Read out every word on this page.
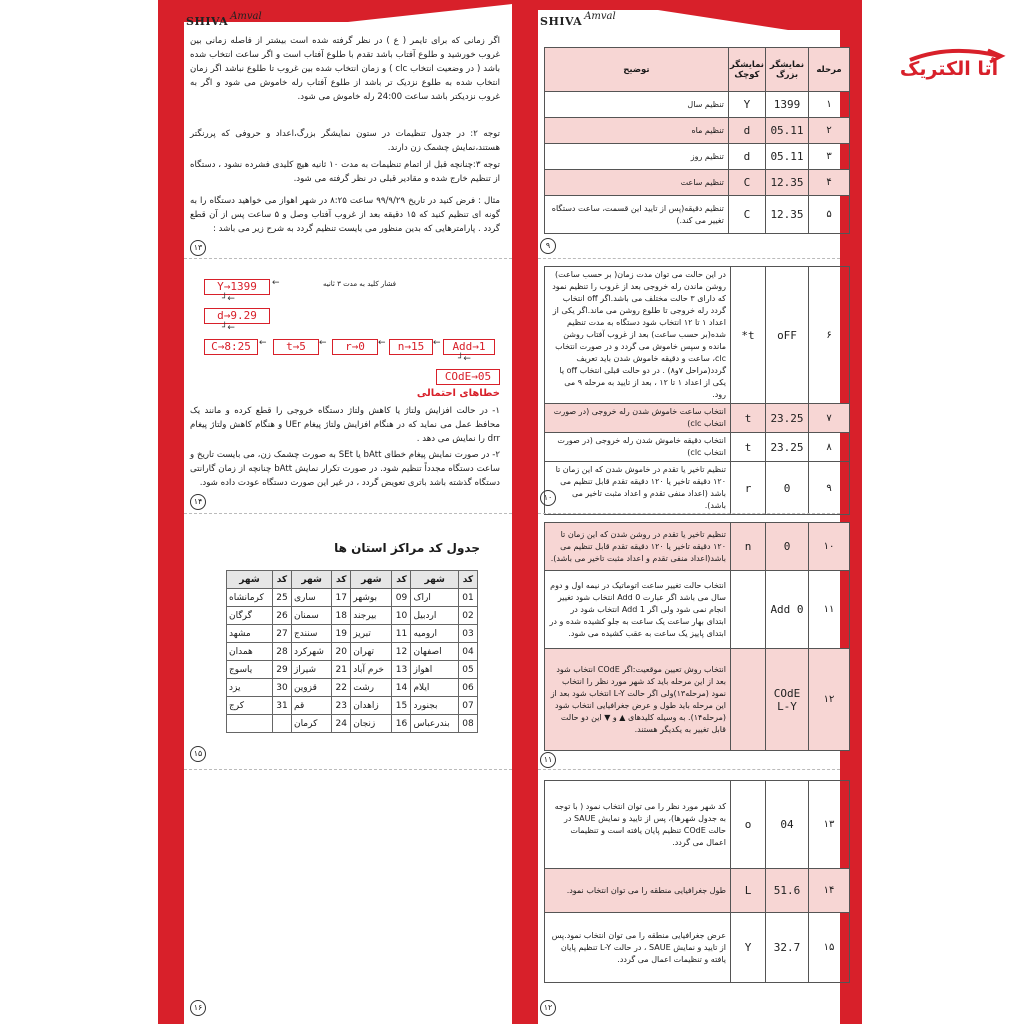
SHIVA $^{Amval}$	SHIVA $^{Amval}$
آتا الکتریک
اگر زمانی که برای تایمر ( ﻉ ) در نظر گرفته شده است بیشتر از فاصله زمانی بین غروب خورشید و طلوع آفتاب باشد تقدم با طلوع آفتاب است و اگر ساعت انتخاب شده باشد ( در وضعیت انتخاب clc ) و زمان انتخاب شده بین غروب تا طلوع نباشد اگر زمان انتخاب شده به طلوع نزدیک تر باشد از طلوع آفتاب رله خاموش می شود و اگر به غروب نزدیکتر باشد ساعت 24:00 رله خاموش می شود.
توجه ۲: در جدول تنظیمات در ستون نمایشگر بزرگ،اعداد و حروفی که پررنگتر هستند،نمایش چشمک زن دارند.
توجه ۳:چنانچه قبل از اتمام تنظیمات به مدت ۱۰ ثانیه هیچ کلیدی فشرده نشود ، دستگاه از تنظیم خارج شده و مقادیر قبلی در نظر گرفته می شود.
مثال : فرض کنید در تاریخ ۹۹/۹/۲۹ ساعت ۸:۲۵ در شهر اهواز می خواهید دستگاه را به گونه ای تنظیم کنید که ۱۵ دقیقه بعد از غروب آفتاب وصل و ۵ ساعت پس از آن قطع گردد . پارامترهایی که بدین منظور می بایست تنظیم گردد به شرح زیر می باشد :
۱۳
Y→1399	←	فشار کلید به مدت ۳ ثانیه
┘←
d→9.29
┘←
C→8:25 ←	t→5	←	r→0	←	n→15 ←	Add→1
┘←
COdE→05
خطاهای احتمالی
۱- در حالت افزایش ولتاژ یا کاهش ولتاژ دستگاه خروجی را قطع کرده و مانند یک محافظ عمل می نماید که در هنگام افزایش ولتاژ پیغام UEr و هنگام کاهش ولتاژ پیغام drr را نمایش می دهد .
۲- در صورت نمایش پیغام خطای bAtt یا SEt به صورت چشمک زن، می بایست تاریخ و ساعت دستگاه مجدداً تنظیم شود. در صورت تکرار نمایش bAtt چنانچه از زمان گارانتی دستگاه گذشته باشد باتری تعویض گردد ، در غیر این صورت دستگاه عودت داده شود.
۱۴
جدول کد مراکز استان ها
شهر	کد	شهر	کد	شهر	کد	شهر	کد
کرمانشاه	25	ساری	17	بوشهر	09	اراک	01
گرگان	26	سمنان	18	بیرجند	10	اردبیل	02
مشهد	27	سنندج	19	تبریز	11	ارومیه	03
همدان	28	شهرکرد	20	تهران	12	اصفهان	04
یاسوج	29	شیراز	21	خرم آباد	13	اهواز	05
یزد	30	قزوین	22	رشت	14	ایلام	06
کرج	31	قم	23	زاهدان	15	بجنورد	07
		کرمان	24	زنجان	16	بندرعباس	08
۱۵
۱۶
مرحله	نمایشگر بزرگ	نمایشگر کوچک	توضیح
۱	1399	Y	تنظیم سال
۲	05.11	d	تنظیم ماه
۳	05.11	d	تنظیم روز
۴	12.35	C	تنظیم ساعت
۵	12.35	C	تنظیم دقیقه(پس از تایید این قسمت، ساعت دستگاه تغییر می کند.)
۹
۶	oFF	t*	در این حالت می توان مدت زمان( بر حسب ساعت) روشن ماندن رله خروجی بعد از غروب را تنظیم نمود که دارای ۳ حالت مختلف می باشد.اگر off انتخاب گردد رله خروجی تا طلوع روشن می ماند.اگر یکی از اعداد ۱ تا ۱۲ انتخاب شود دستگاه به مدت تنظیم شده(بر حسب ساعت) بعد از غروب آفتاب روشن مانده و سپس خاموش می گردد و در صورت انتخاب clc، ساعت و دقیقه خاموش شدن باید تعریف گردد(مراحل ۷و۸) . در دو حالت قبلی انتخاب off یا یکی از اعداد ۱ تا ۱۲ ، بعد از تایید به مرحله ۹ می رود.
۷	23.25	t	انتخاب ساعت خاموش شدن رله خروجی (در صورت انتخاب clc)
۸	23.25	t	انتخاب دقیقه خاموش شدن رله خروجی (در صورت انتخاب clc)
۹	0	r	تنظیم تاخیر یا تقدم در خاموش شدن که این زمان تا ۱۲۰ دقیقه تاخیر یا ۱۲۰ دقیقه تقدم قابل تنظیم می باشد (اعداد منفی تقدم و اعداد مثبت تاخیر می باشد).
۱۰
۱۰	0	n	تنظیم تاخیر یا تقدم در روشن شدن که این زمان تا ۱۲۰ دقیقه تاخیر یا ۱۲۰ دقیقه تقدم قابل تنظیم می باشد(اعداد منفی تقدم و اعداد مثبت تاخیر می باشد).
۱۱	Add 0		انتخاب حالت تغییر ساعت اتوماتیک در نیمه اول و دوم سال می باشد اگر عبارت Add 0 انتخاب شود تغییر انجام نمی شود ولی اگر Add 1 انتخاب شود در ابتدای بهار ساعت یک ساعت به جلو کشیده شده و در ابتدای پاییز یک ساعت به عقب کشیده می شود.
۱۲	COdE L-Y		انتخاب روش تعیین موقعیت:اگر COdE انتخاب شود بعد از این مرحله باید کد شهر مورد نظر را انتخاب نمود (مرحله۱۳)ولی اگر حالت L-Y انتخاب شود بعد از این مرحله باید طول و عرض جغرافیایی انتخاب شود (مرحله۱۴). به وسیله کلیدهای ▲ و ▼ این دو حالت قابل تغییر به یکدیگر هستند.
۱۱
۱۳	04	o	کد شهر مورد نظر را می توان انتخاب نمود ( با توجه به جدول شهرها)، پس از تایید و نمایش SAUE در حالت COdE تنظیم پایان یافته است و تنظیمات اعمال می گردد.
۱۴	51.6	L	طول جغرافیایی منطقه را می توان انتخاب نمود.
۱۵	32.7	Y	عرض جغرافیایی منطقه را می توان انتخاب نمود.پس از تایید و نمایش SAUE ، در حالت L-Y تنظیم پایان یافته و تنظیمات اعمال می گردد.
۱۲
